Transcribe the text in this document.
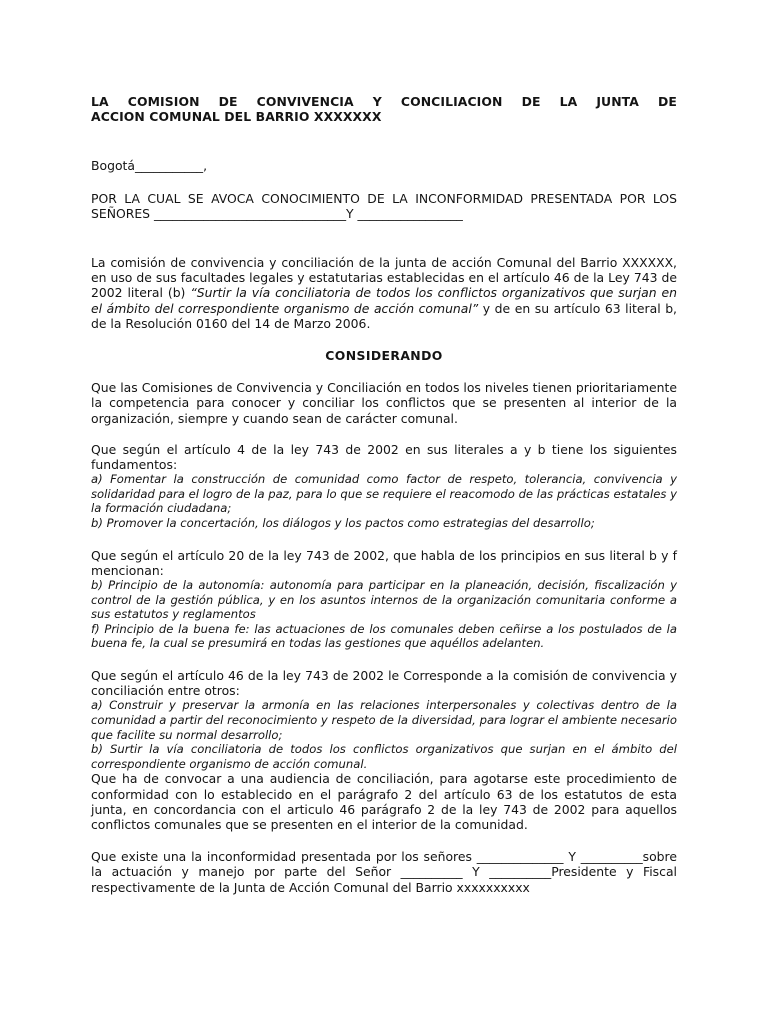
LA COMISION DE CONVIVENCIA Y CONCILIACION DE LA JUNTA DE
ACCION COMUNAL DEL BARRIO XXXXXXX

Bogotá___________,

POR LA CUAL SE AVOCA CONOCIMIENTO DE LA INCONFORMIDAD PRESENTADA POR LOS

SEÑORES _______________________________Y _________________

La comisión de convivencia y conciliación de la junta de acción Comunal del Barrio XXXXXX, en uso de sus facultades legales y estatutarias establecidas en el artículo 46 de la Ley 743 de 2002 literal (b) “Surtir la vía conciliatoria de todos los conflictos organizativos que surjan en el ámbito del correspondiente organismo de acción comunal” y de en su artículo 63 literal b, de la Resolución 0160 del 14 de Marzo 2006.

CONSIDERANDO

Que las Comisiones de Convivencia y Conciliación en todos los niveles tienen prioritariamente la competencia para conocer y conciliar los conflictos que se presenten al interior de la organización, siempre y cuando sean de carácter comunal.

Que según el artículo 4 de la ley 743 de 2002 en sus literales a y b tiene los siguientes fundamentos:

a) Fomentar la construcción de comunidad como factor de respeto, tolerancia, convivencia y solidaridad para el logro de la paz, para lo que se requiere el reacomodo de las prácticas estatales y la formación ciudadana;

b) Promover la concertación, los diálogos y los pactos como estrategias del desarrollo;

Que según el artículo 20 de la ley 743 de 2002, que habla de los principios en sus literal b y f mencionan:

b) Principio de la autonomía: autonomía para participar en la planeación, decisión, fiscalización y control de la gestión pública, y en los asuntos internos de la organización comunitaria conforme a sus estatutos y reglamentos

f) Principio de la buena fe: las actuaciones de los comunales deben ceñirse a los postulados de la buena fe, la cual se presumirá en todas las gestiones que aquéllos adelanten.

Que según el artículo 46 de la ley 743 de 2002 le Corresponde a la comisión de convivencia y conciliación entre otros:

a) Construir y preservar la armonía en las relaciones interpersonales y colectivas dentro de la comunidad a partir del reconocimiento y respeto de la diversidad, para lograr el ambiente necesario que facilite su normal desarrollo;

b) Surtir la vía conciliatoria de todos los conflictos organizativos que surjan en el ámbito del correspondiente organismo de acción comunal.

Que ha de convocar a una audiencia de conciliación, para agotarse este procedimiento de conformidad con lo establecido en el parágrafo 2 del artículo 63 de los estatutos de esta junta, en concordancia con el articulo 46 parágrafo 2 de la ley 743 de 2002 para aquellos conflictos comunales que se presenten en el interior de la comunidad.

Que existe una la inconformidad presentada por los señores ______________ Y __________sobre la actuación y manejo por parte del Señor __________ Y __________Presidente y Fiscal respectivamente de la Junta de Acción Comunal del Barrio xxxxxxxxxx
